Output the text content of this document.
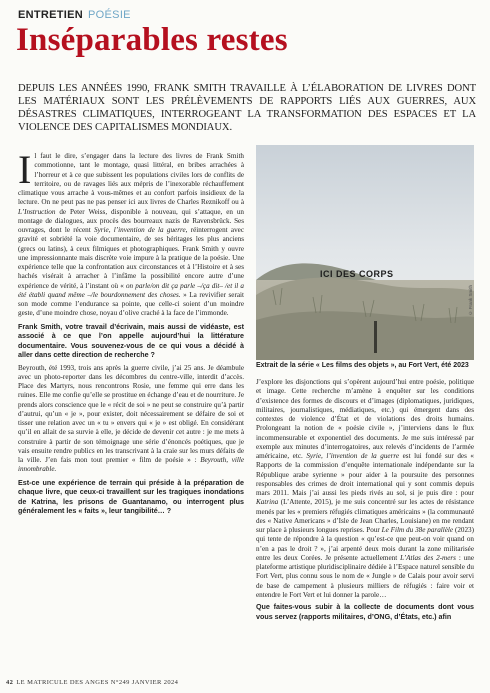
ENTRETIEN POÉSIE
Inséparables restes
DEPUIS LES ANNÉES 1990, FRANK SMITH TRAVAILLE À L’ÉLABORATION DE LIVRES DONT LES MATÉRIAUX SONT LES PRÉLÈVEMENTS DE RAPPORTS LIÉS AUX GUERRES, AUX DÉSASTRES CLIMATIQUES, INTERROGEANT LA TRANSFORMATION DES ESPACES ET LA VIOLENCE DES CAPITALISMES MONDIAUX.

Il faut le dire, s’engager dans la lecture des livres de Frank Smith commotionne, tant le montage, quasi littéral, en bribes arrachées à l’horreur et à ce que subissent les populations civiles lors de conflits de territoire, ou de ravages liés aux mépris de l’inexorable réchauffement climatique vous arrache à vous-mêmes et au confort parfois insidieux de la lecture. On ne peut pas ne pas penser ici aux livres de Charles Reznikoff ou à L’Instruction de Peter Weiss, disponible à nouveau, qui s’attaque, en un montage de dialogues, aux procès des bourreaux nazis de Ravensbrück. Ses ouvrages, dont le récent Syrie, l’invention de la guerre, réinterrogent avec gravité et sobriété la voie documentaire, de ses héritages les plus anciens (grecs ou latins), à ceux filmiques et photographiques. Frank Smith y ouvre une impressionnante mais discrète voie impure à la pratique de la poésie. Une expérience telle que la confrontation aux circonstances et à l’Histoire et à ses hachés visérait à arracher à l’infâme la possibilité encore autre d’une expérience de vérité, à l’instant où « on parle/on dit ça parle –/ça dit– /et il a été établi quand même –/le bourdonnement des choses. » La revivifier serait son mode comme l’endurance sa pointe, que celle-ci soient d’un moindre geste, d’une moindre chose, noyau d’olive craché à la face de l’immonde.

Frank Smith, votre travail d’écrivain, mais aussi de vidéaste, est associé à ce que l’on appelle aujourd’hui la littérature documentaire. Vous souvenez-vous de ce qui vous a décidé à aller dans cette direction de recherche ?

Beyrouth, été 1993, trois ans après la guerre civile, j’ai 25 ans. Je déambule avec un photo-reporter dans les décombres du centre-ville, interdit d’accès. Place des Martyrs, nous rencontrons Rosie, une femme qui erre dans les ruines. Elle me confie qu’elle se prostitue en échange d’eau et de nourriture. Je prends alors conscience que le « récit de soi » ne peut se construire qu’à partir d’autrui, qu’un « je », pour exister, doit nécessairement se défaire de soi et tisser une relation avec un « tu » envers qui « je » est obligé. En considérant qu’il en allait de sa survie à elle, je décide de devenir cet autre : je me mets à construire à partir de son témoignage une série d’énoncés poétiques, que je vais ensuite rendre publics en les transcrivant à la craie sur les murs défaits de la ville. J’en fais mon tout premier « film de poésie » : Beyrouth, ville innombrable.

Est-ce une expérience de terrain qui préside à la préparation de chaque livre, que ceux-ci travaillent sur les tragiques inondations de Katrina, les prisons de Guantanamo, ou interrogent plus généralement les « faits », leur tangibilité… ?

ICI DES CORPS
© Frank Smith
Extrait de la série « Les films des objets », au Fort Vert, été 2023

J’explore les disjonctions qui s’opèrent aujourd’hui entre poésie, politique et image. Cette recherche m’amène à enquêter sur les conditions d’existence des formes de discours et d’images (diplomatiques, juridiques, militaires, journalistiques, médiatiques, etc.) qui émergent dans des contextes de violence d’État et de violations des droits humains. Prolongeant la notion de « poésie civile », j’interviens dans le flux incommensurable et exponentiel des documents. Je me suis intéressé par exemple aux minutes d’interrogatoires, aux relevés d’incidents de l’armée américaine, etc. Syrie, l’invention de la guerre est lui fondé sur des « Rapports de la commission d’enquête internationale indépendante sur la République arabe syrienne » pour aider à la poursuite des personnes responsables des crimes de droit international qui y sont commis depuis mars 2011. Mais j’ai aussi les pieds rivés au sol, si je puis dire : pour Katrina (L’Attente, 2015), je me suis concentré sur les actes de résistance menés par les « premiers réfugiés climatiques américains » (la communauté des « Native Americans » d’Isle de Jean Charles, Louisiane) en me rendant sur place à plusieurs longues reprises. Pour Le Film du 38e parallèle (2023) qui tente de répondre à la question « qu’est-ce que peut-on voir quand on n’en a pas le droit ? », j’ai arpenté deux mois durant la zone militarisée entre les deux Corées. Je présente actuellement L’Atlas des 2-mers : une plateforme artistique pluridisciplinaire dédiée à l’Espace naturel sensible du Fort Vert, plus connu sous le nom de « Jungle » de Calais pour avoir servi de base de campement à plusieurs milliers de réfugiés : faire voir et entendre le Fort Vert et lui donner la parole…

Que faites-vous subir à la collecte de documents dont vous vous servez (rapports militaires, d’ONG, d’États, etc.) afin

42 LE MATRICULE DES ANGES N°249 JANVIER 2024
